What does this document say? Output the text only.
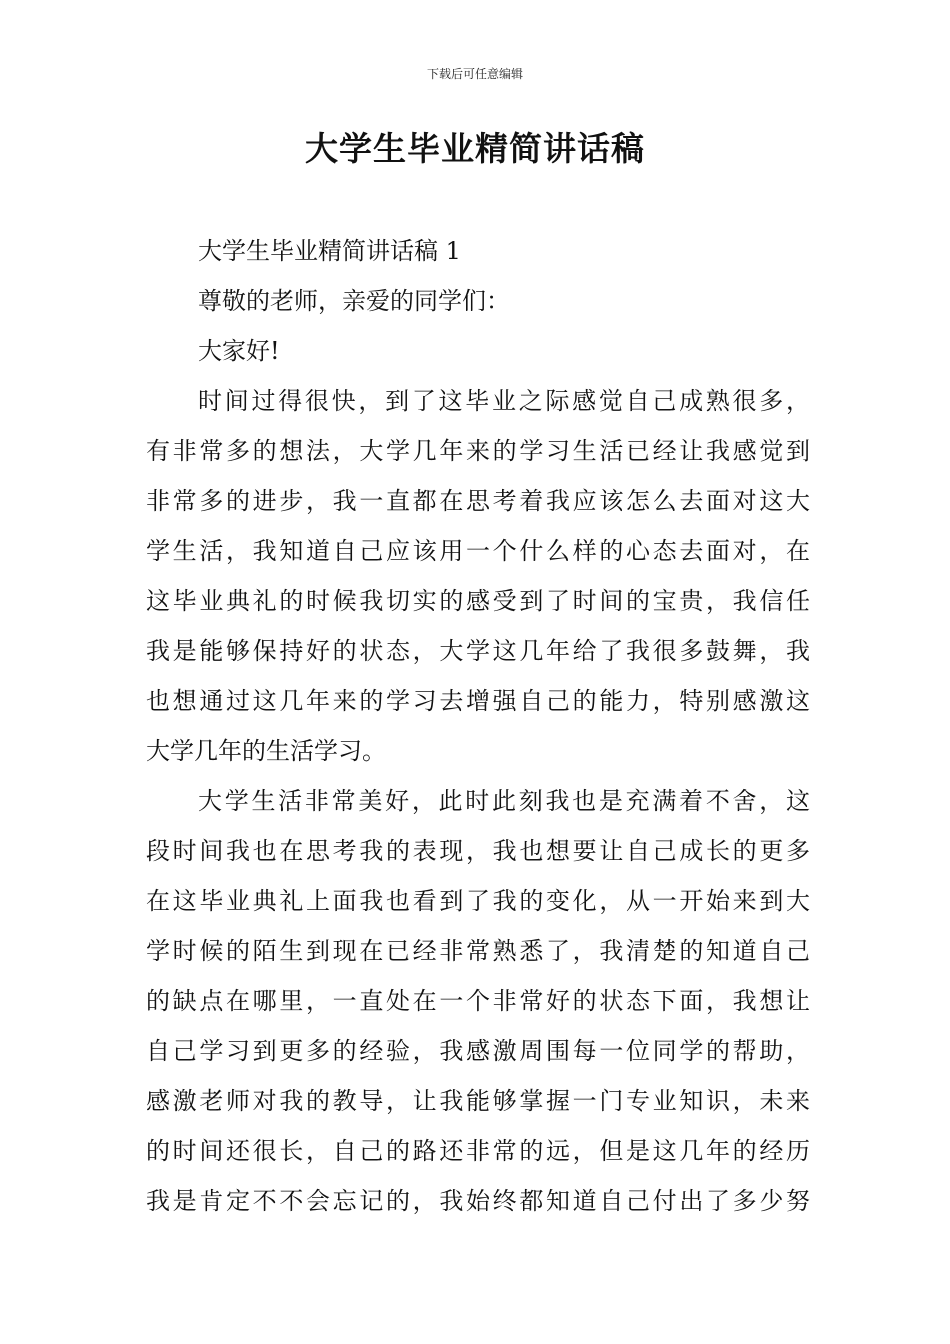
下载后可任意编辑
大学生毕业精简讲话稿
大学生毕业精简讲话稿 1
尊敬的老师，亲爱的同学们：
大家好!
时间过得很快，到了这毕业之际感觉自己成熟很多，
有非常多的想法，大学几年来的学习生活已经让我感觉到
非常多的进步，我一直都在思考着我应该怎么去面对这大
学生活，我知道自己应该用一个什么样的心态去面对，在
这毕业典礼的时候我切实的感受到了时间的宝贵，我信任
我是能够保持好的状态，大学这几年给了我很多鼓舞，我
也想通过这几年来的学习去增强自己的能力，特别感激这
大学几年的生活学习。
大学生活非常美好，此时此刻我也是充满着不舍，这
段时间我也在思考我的表现，我也想要让自己成长的更多
在这毕业典礼上面我也看到了我的变化，从一开始来到大
学时候的陌生到现在已经非常熟悉了，我清楚的知道自己
的缺点在哪里，一直处在一个非常好的状态下面，我想让
自己学习到更多的经验，我感激周围每一位同学的帮助，
感激老师对我的教导，让我能够掌握一门专业知识，未来
的时间还很长，自己的路还非常的远，但是这几年的经历
我是肯定不不会忘记的，我始终都知道自己付出了多少努
